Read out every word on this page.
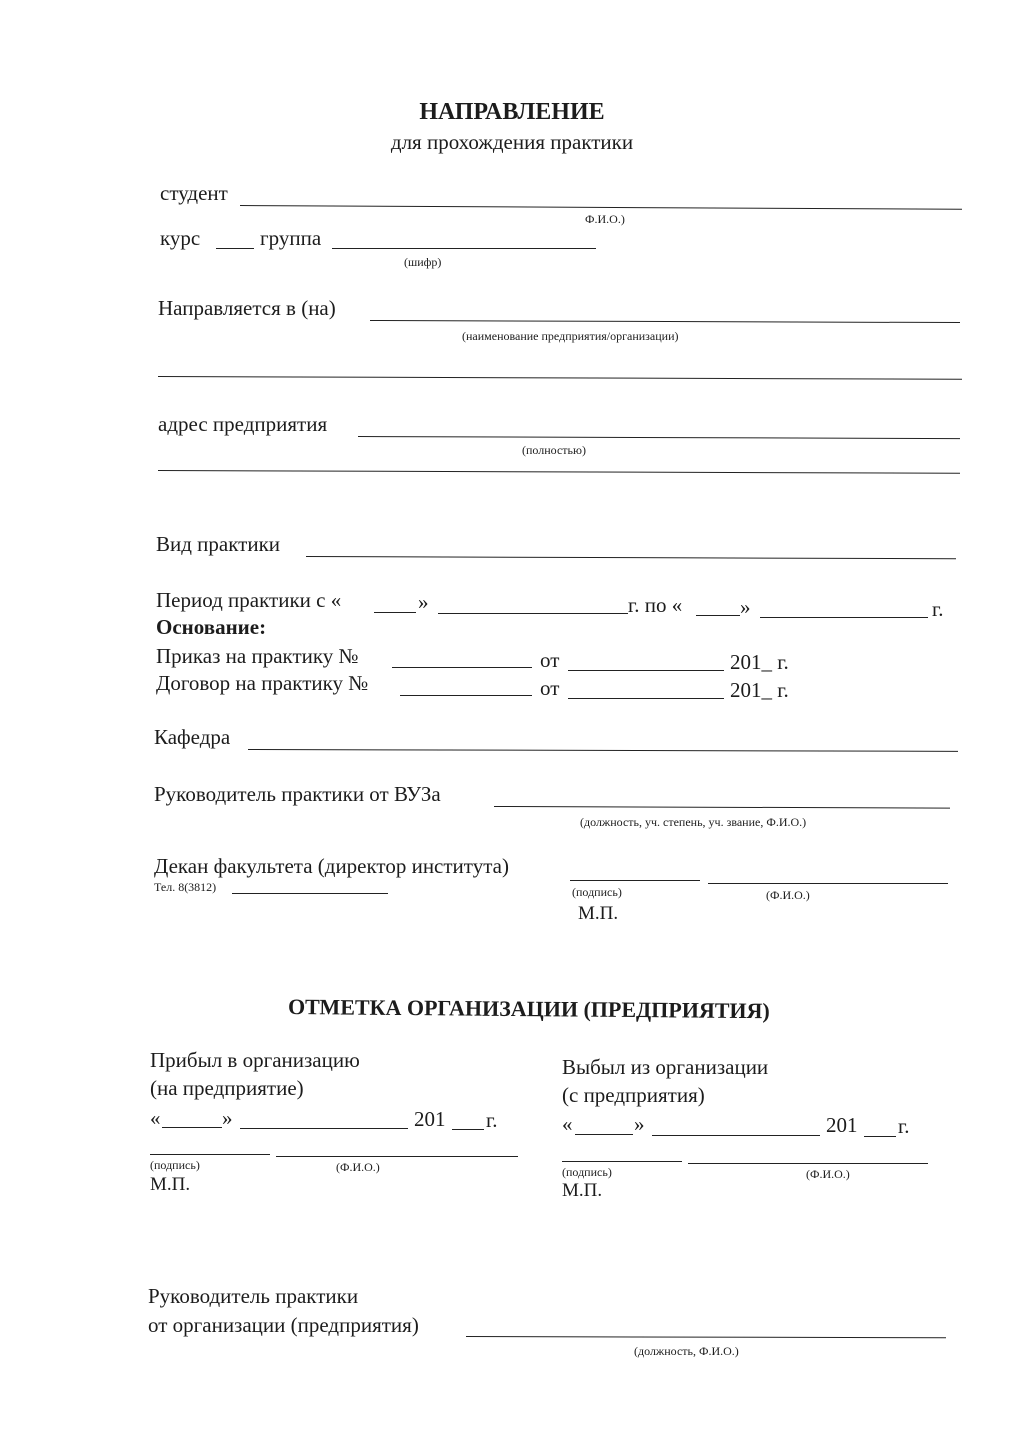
НАПРАВЛЕНИЕ
для прохождения практики
студент
Ф.И.О.)
курс	группа
(шифр)
Направляется в (на)
(наименование предприятия/организации)
адрес предприятия
(полностью)
Вид практики
Период практики с «	»	г. по «	»	г.
Основание:
Приказ на практику №	от	201_ г.
Договор на практику №	от	201_ г.
Кафедра
Руководитель практики от ВУЗа
(должность, уч. степень, уч. звание, Ф.И.О.)
Декан факультета (директор института)
Тел. 8(3812)	(подпись)	(Ф.И.О.)
М.П.
ОТМЕТКА ОРГАНИЗАЦИИ (ПРЕДПРИЯТИЯ)
Прибыл в организацию
(на предприятие)
«	»	201 г.
(подпись)	(Ф.И.О.)
М.П.
Выбыл из организации
(с предприятия)
«	»	201 г.
(подпись)	(Ф.И.О.)
М.П.
Руководитель практики
от организации (предприятия)
(должность, Ф.И.О.)
